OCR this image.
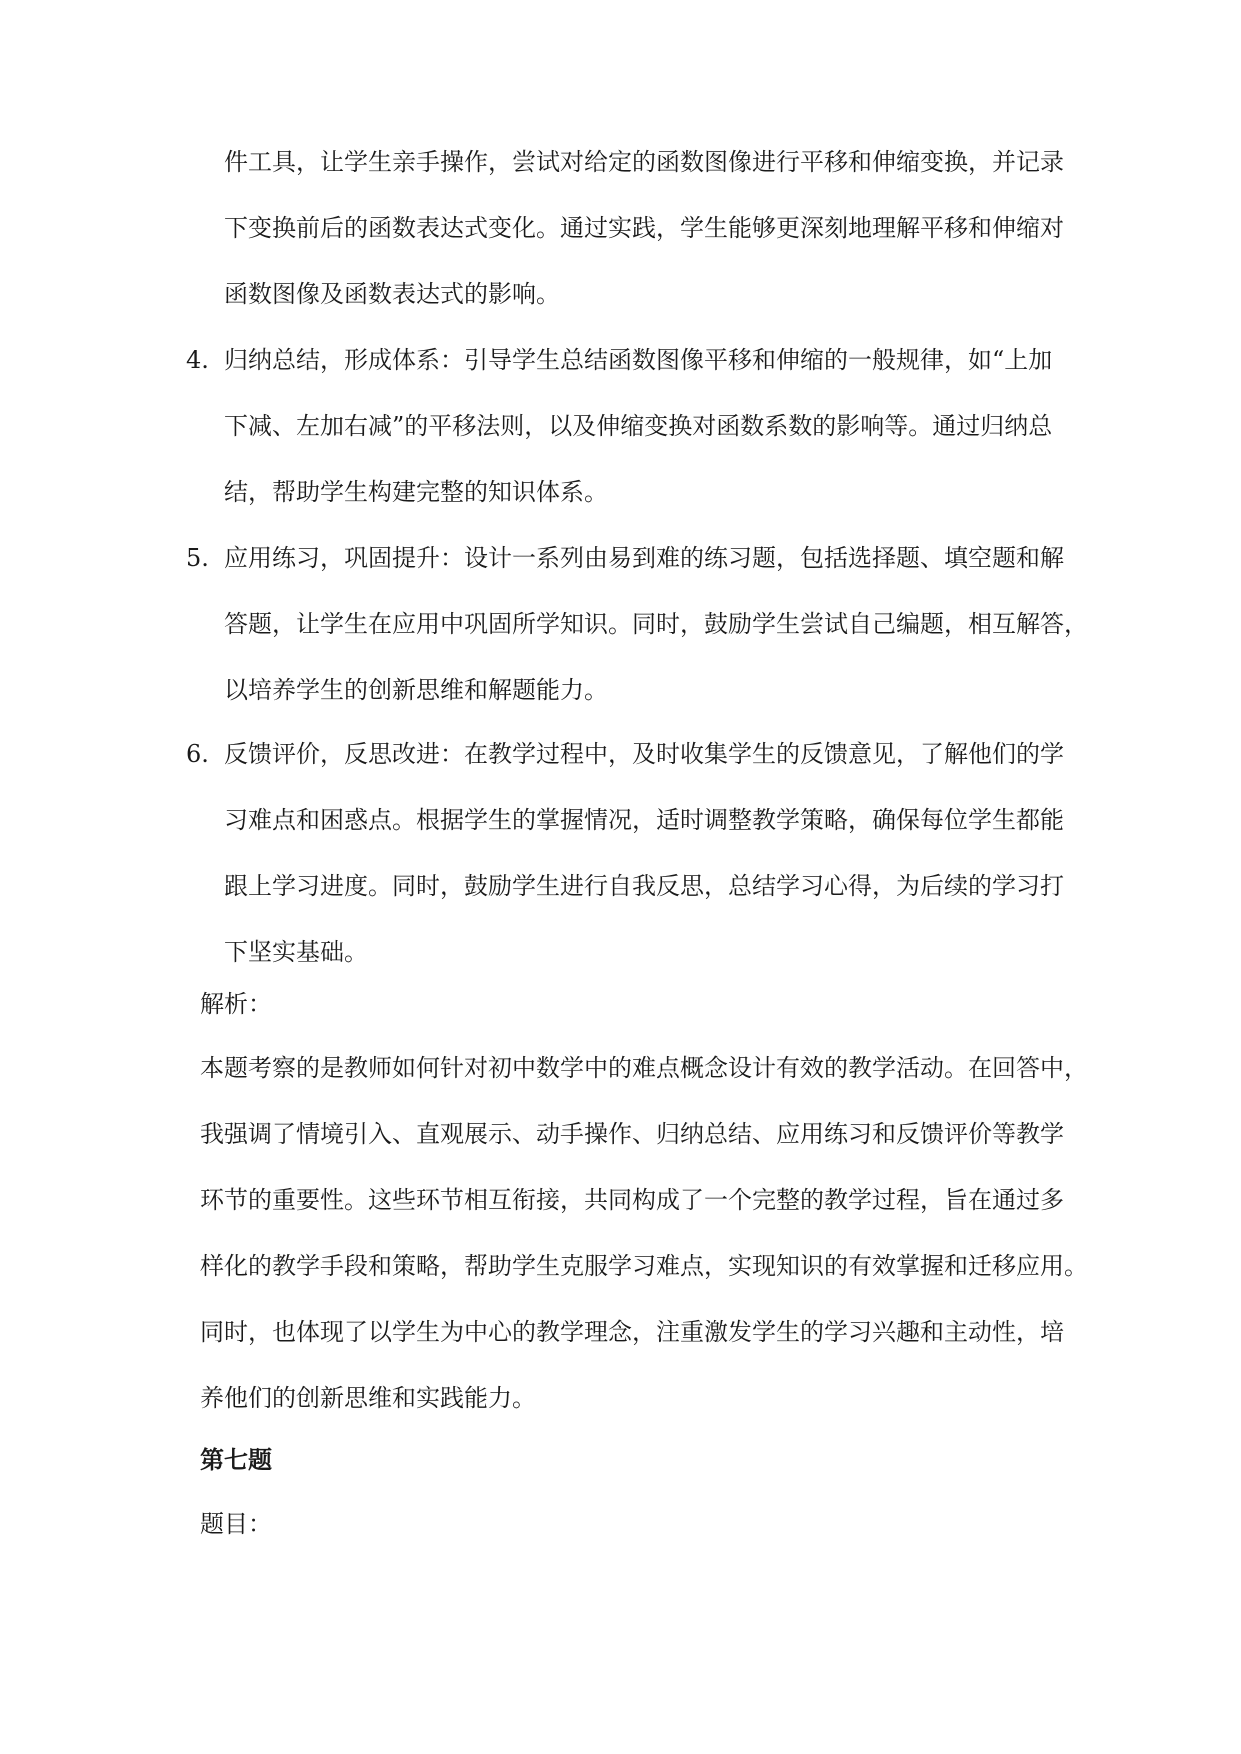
件工具，让学生亲手操作，尝试对给定的函数图像进行平移和伸缩变换，并记录
下变换前后的函数表达式变化。通过实践，学生能够更深刻地理解平移和伸缩对
函数图像及函数表达式的影响。
4. 归纳总结，形成体系：引导学生总结函数图像平移和伸缩的一般规律，如“上加
下减、左加右减”的平移法则，以及伸缩变换对函数系数的影响等。通过归纳总
结，帮助学生构建完整的知识体系。
5. 应用练习，巩固提升：设计一系列由易到难的练习题，包括选择题、填空题和解
答题，让学生在应用中巩固所学知识。同时，鼓励学生尝试自己编题，相互解答，
以培养学生的创新思维和解题能力。
6. 反馈评价，反思改进：在教学过程中，及时收集学生的反馈意见，了解他们的学
习难点和困惑点。根据学生的掌握情况，适时调整教学策略，确保每位学生都能
跟上学习进度。同时，鼓励学生进行自我反思，总结学习心得，为后续的学习打
下坚实基础。
解析：
本题考察的是教师如何针对初中数学中的难点概念设计有效的教学活动。在回答中，
我强调了情境引入、直观展示、动手操作、归纳总结、应用练习和反馈评价等教学
环节的重要性。这些环节相互衔接，共同构成了一个完整的教学过程，旨在通过多
样化的教学手段和策略，帮助学生克服学习难点，实现知识的有效掌握和迁移应用。
同时，也体现了以学生为中心的教学理念，注重激发学生的学习兴趣和主动性，培
养他们的创新思维和实践能力。
第七题
题目：
